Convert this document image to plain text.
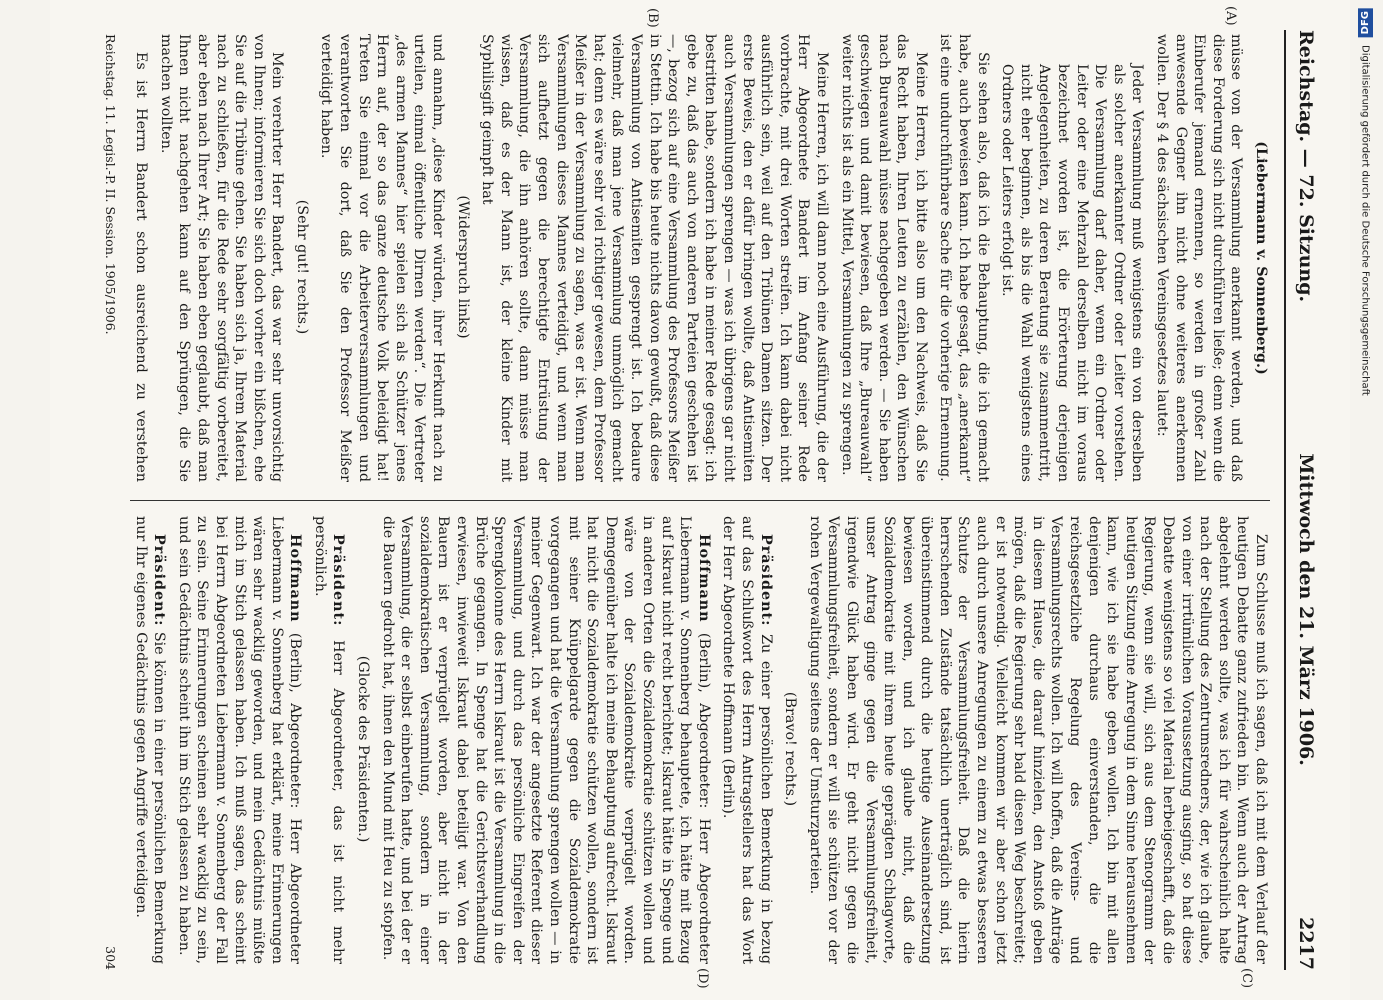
Reichstag. — 72. Sitzung.
Mittwoch den 21. März 1906.
2217
(A)
(B)
(C)
(D)

(Liebermann v. Sonnenberg.)

müsse von der Versammlung anerkannt werden, und daß diese Forderung sich nicht durchführen ließe; denn wenn die Einberufer jemand ernennen, so werden in großer Zahl anwesende Gegner ihn nicht ohne weiteres anerkennen wollen. Der § 4 des sächsischen Vereinsgesetzes lautet:

Jeder Versammlung muß wenigstens ein von derselben als solcher anerkannter Ordner oder Leiter vorstehen. Die Versammlung darf daher, wenn ein Ordner oder Leiter oder eine Mehrzahl derselben nicht im voraus bezeichnet worden ist, die Erörterung derjenigen Angelegenheiten, zu deren Beratung sie zusammentritt, nicht eher beginnen, als bis die Wahl wenigstens eines Ordners oder Leiters erfolgt ist.

Sie sehen also, daß ich die Behauptung, die ich gemacht habe, auch beweisen kann. Ich habe gesagt, das „anerkannt“ ist eine undurchführbare Sache für die vorherige Ernennung.

Meine Herren, ich bitte also um den Nachweis, daß Sie das Recht haben, Ihren Leuten zu erzählen, den Wünschen nach Bureauwahl müsse nachgegeben werden. — Sie haben geschwiegen und damit bewiesen, daß Ihre „Bureauwahl“ weiter nichts ist als ein Mittel, Versammlungen zu sprengen.

Meine Herren, ich will dann noch eine Ausführung, die der Herr Abgeordnete Bandert im Anfang seiner Rede vorbrachte, mit drei Worten streifen. Ich kann dabei nicht ausführlich sein, weil auf den Tribünen Damen sitzen. Der erste Beweis, den er dafür bringen wollte, daß Antisemiten auch Versammlungen sprengen — was ich übrigens gar nicht bestritten habe, sondern ich habe in meiner Rede gesagt: ich gebe zu, daß das auch von anderen Parteien geschehen ist —, bezog sich auf eine Versammlung des Professors Meißer in Stettin. Ich habe bis heute nichts davon gewußt, daß diese Versammlung von Antisemiten gesprengt ist. Ich bedaure vielmehr, daß man jene Versammlung unmöglich gemacht hat; denn es wäre sehr viel richtiger gewesen, dem Professor Meißer in der Versammlung zu sagen, was er ist. Wenn man Versammlungen dieses Mannes verteidigt, und wenn man sich aufhetzt gegen die berechtigte Entrüstung der Versammlung, die ihn anhören sollte, dann müsse man wissen, daß es der Mann ist, der kleine Kinder mit Syphilisgift geimpft hat

(Widerspruch links)

und annahm, „diese Kinder würden, ihrer Herkunft nach zu urteilen, einmal öffentliche Dirnen werden“. Die Vertreter „des armen Mannes“ hier spielen sich als Schützer jenes Herrn auf, der so das ganze deutsche Volk beleidigt hat! Treten Sie einmal vor die Arbeiterversammlungen und verantworten Sie dort, daß Sie den Professor Meißer verteidigt haben.

(Sehr gut! rechts.)

Mein verehrter Herr Bandert, das war sehr unvorsichtig von Ihnen; informieren Sie sich doch vorher ein bißchen, ehe Sie auf die Tribüne gehen. Sie haben sich ja, Ihrem Material nach zu schließen, für die Rede sehr sorgfältig vorbereitet, aber eben nach Ihrer Art; Sie haben eben geglaubt, daß man Ihnen nicht nachgehen kann auf den Sprüngen, die Sie machen wollten.

Es ist Herrn Bandert schon ausreichend zu verstehen

Zum Schlusse muß ich sagen, daß ich mit dem Verlauf der heutigen Debatte ganz zufrieden bin. Wenn auch der Antrag abgelehnt werden sollte, was ich für wahrscheinlich halte nach der Stellung des Zentrumsredners, der, wie ich glaube, von einer irrtümlichen Voraussetzung ausging, so hat diese Debatte wenigstens so viel Material herbeigeschafft, daß die Regierung, wenn sie will, sich aus dem Stenogramm der heutigen Sitzung eine Anregung in dem Sinne herausnehmen kann, wie ich sie habe geben wollen. Ich bin mit allen denjenigen durchaus einverstanden, die die reichsgesetzliche Regelung des Vereins- und Versammlungsrechts wollen. Ich will hoffen, daß die Anträge in diesem Hause, die darauf hinzielen, den Anstoß geben mögen, daß die Regierung sehr bald diesen Weg beschreitet; er ist notwendig. Vielleicht kommen wir aber schon jetzt auch durch unsere Anregungen zu einem zu etwas besseren Schutze der Versammlungsfreiheit. Daß die hierin herrschenden Zustände tatsächlich unerträglich sind, ist übereinstimmend durch die heutige Auseinandersetzung bewiesen worden, und ich glaube nicht, daß die Sozialdemokratie mit ihrem heute geprägten Schlagworte, unser Antrag ginge gegen die Versammlungsfreiheit, irgendwie Glück haben wird. Er geht nicht gegen die Versammlungsfreiheit, sondern er will sie schützen vor der rohen Vergewaltigung seitens der Umsturzparteien.

(Bravo! rechts.)

Präsident: Zu einer persönlichen Bemerkung in bezug auf das Schlußwort des Herrn Antragstellers hat das Wort der Herr Abgeordnete Hoffmann (Berlin).

Hoffmann (Berlin), Abgeordneter: Herr Abgeordneter Liebermann v. Sonnenberg behauptete, ich hätte mit Bezug auf Iskraut nicht recht berichtet; Iskraut hätte in Spenge und in anderen Orten die Sozialdemokratie schützen wollen und wäre von der Sozialdemokratie verprügelt worden. Demgegenüber halte ich meine Behauptung aufrecht. Iskraut hat nicht die Sozialdemokratie schützen wollen, sondern ist mit seiner Knüppelgarde gegen die Sozialdemokratie vorgegangen und hat die Versammlung sprengen wollen — in meiner Gegenwart. Ich war der angesetzte Referent dieser Versammlung, und durch das persönliche Eingreifen der Sprengkolonne des Herrn Iskraut ist die Versammlung in die Brüche gegangen. In Spenge hat die Gerichtsverhandlung erwiesen, inwieweit Iskraut dabei beteiligt war. Von den Bauern ist er verprügelt worden, aber nicht in der sozialdemokratischen Versammlung, sondern in einer Versammlung, die er selbst einberufen hatte, und bei der er die Bauern gedroht hat, ihnen den Mund mit Heu zu stopfen.

(Glocke des Präsidenten.)

Präsident: Herr Abgeordneter, das ist nicht mehr persönlich.

Hoffmann (Berlin), Abgeordneter: Herr Abgeordneter Liebermann v. Sonnenberg hat erklärt, meine Erinnerungen wären sehr wacklig geworden, und mein Gedächtnis müßte mich im Stich gelassen haben. Ich muß sagen, das scheint bei Herrn Abgeordneten Liebermann v. Sonnenberg der Fall zu sein. Seine Erinnerungen scheinen sehr wacklig zu sein, und sein Gedächtnis scheint ihn im Stich gelassen zu haben.

Präsident: Sie können in einer persönlichen Bemerkung nur Ihr eigenes Gedächtnis gegen Angriffe verteidigen.

Reichstag. 11. Legisl.-P. II. Session. 1905/1906.
304
DFG
Digitalisierung gefördert durch die Deutsche Forschungsgemeinschaft
